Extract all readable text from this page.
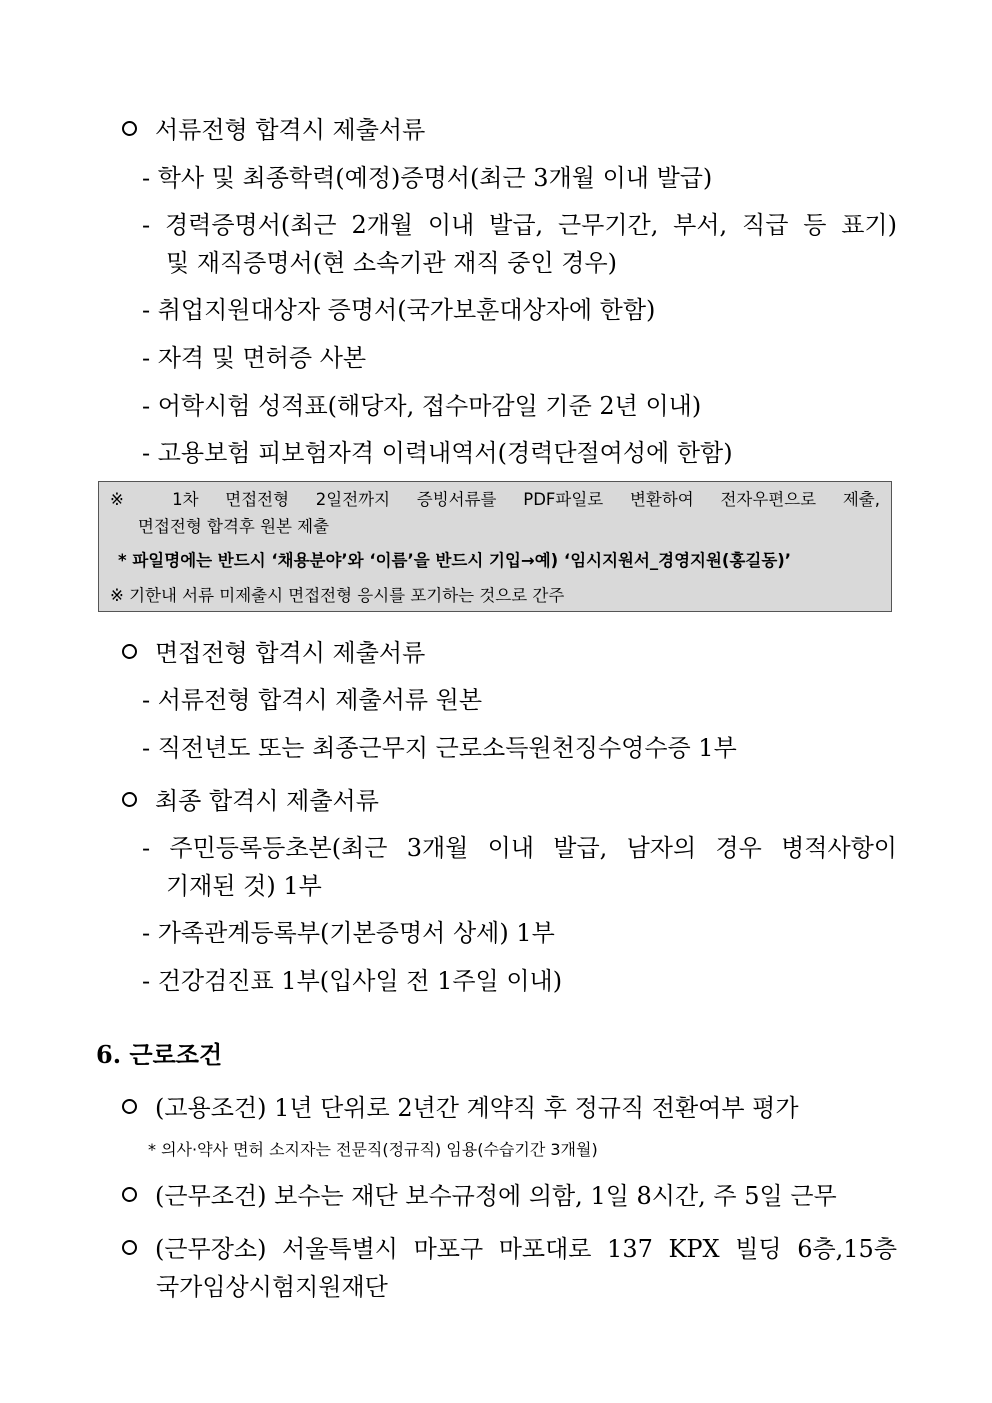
서류전형 합격시 제출서류
- 학사 및 최종학력(예정)증명서(최근 3개월 이내 발급)
- 경력증명서(최근 2개월 이내 발급, 근무기간, 부서, 직급 등 표기)
및 재직증명서(현 소속기관 재직 중인 경우)
- 취업지원대상자 증명서(국가보훈대상자에 한함)
- 자격 및 면허증 사본
- 어학시험 성적표(해당자, 접수마감일 기준 2년 이내)
- 고용보험 피보험자격 이력내역서(경력단절여성에 한함)
※ 1차 면접전형 2일전까지 증빙서류를 PDF파일로 변환하여 전자우편으로 제출,
면접전형 합격후 원본 제출
* 파일명에는 반드시 ‘채용분야’와 ‘이름’을 반드시 기입→예) ‘임시지원서_경영지원(홍길동)’
※ 기한내 서류 미제출시 면접전형 응시를 포기하는 것으로 간주
면접전형 합격시 제출서류
- 서류전형 합격시 제출서류 원본
- 직전년도 또는 최종근무지 근로소득원천징수영수증 1부
최종 합격시 제출서류
- 주민등록등초본(최근 3개월 이내 발급, 남자의 경우 병적사항이
기재된 것) 1부
- 가족관계등록부(기본증명서 상세) 1부
- 건강검진표 1부(입사일 전 1주일 이내)
6. 근로조건
(고용조건) 1년 단위로 2년간 계약직 후 정규직 전환여부 평가
* 의사·약사 면허 소지자는 전문직(정규직) 임용(수습기간 3개월)
(근무조건) 보수는 재단 보수규정에 의함, 1일 8시간, 주 5일 근무
(근무장소) 서울특별시 마포구 마포대로 137 KPX 빌딩 6층,15층
국가임상시험지원재단
